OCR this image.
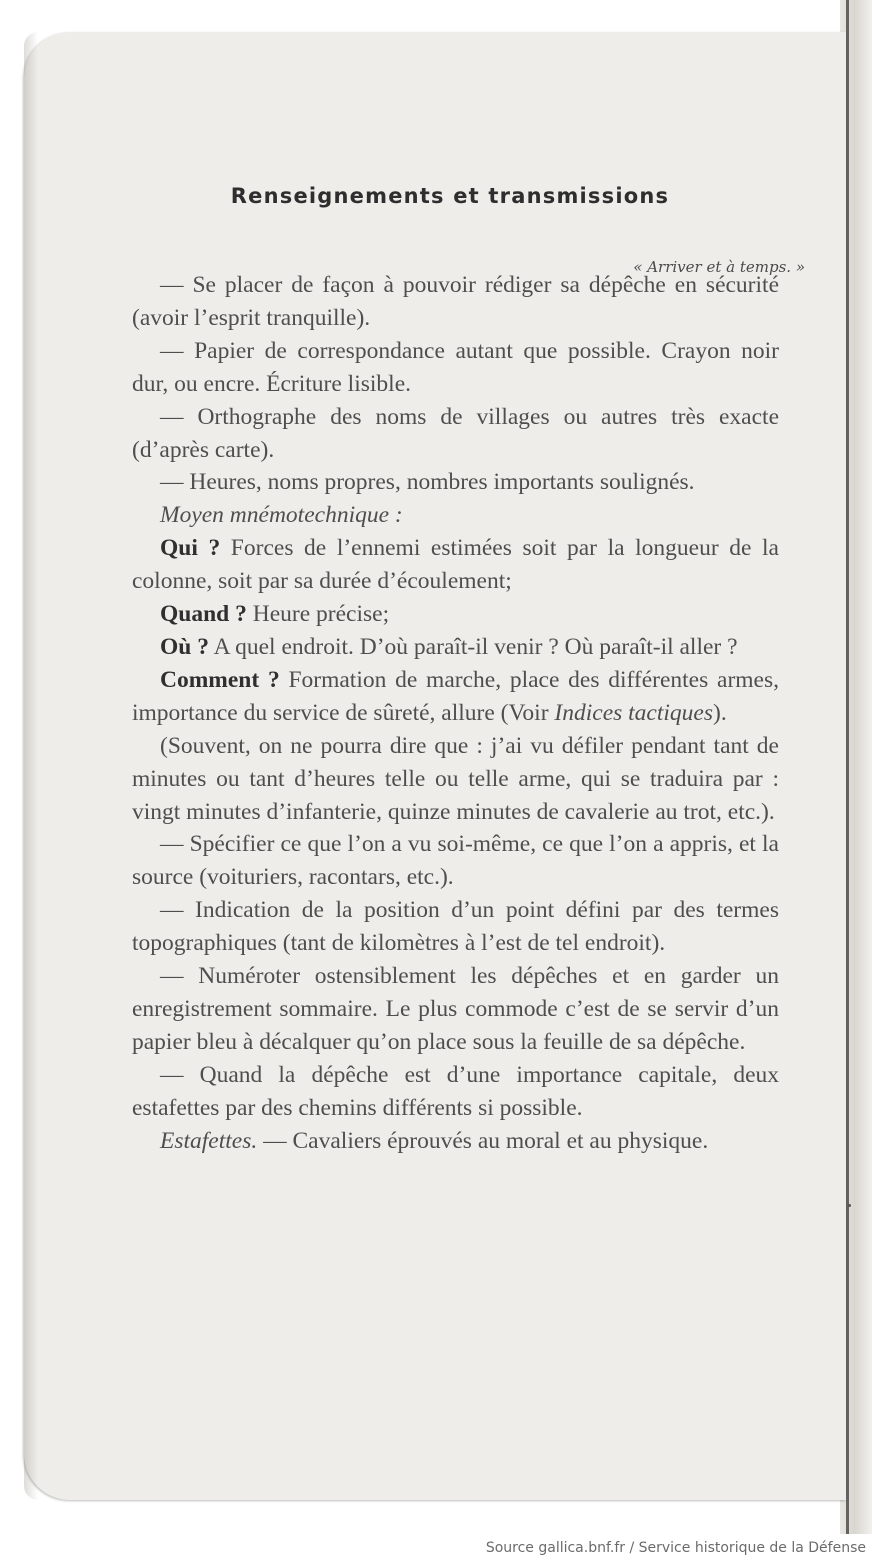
Renseignements et transmissions

« Arriver et à temps. »

— Se placer de façon à pouvoir rédiger sa dépêche en sécurité (avoir l’esprit tranquille).

— Papier de correspondance autant que possible. Crayon noir dur, ou encre. Écriture lisible.

— Orthographe des noms de villages ou autres très exacte (d’après carte).

— Heures, noms propres, nombres importants soulignés.

Moyen mnémotechnique :

Qui ? Forces de l’ennemi estimées soit par la longueur de la colonne, soit par sa durée d’écoulement;

Quand ? Heure précise;

Où ? A quel endroit. D’où paraît-il venir ? Où paraît-il aller ?

Comment ? Formation de marche, place des différentes armes, importance du service de sûreté, allure (Voir Indices tactiques).

(Souvent, on ne pourra dire que : j’ai vu défiler pendant tant de minutes ou tant d’heures telle ou telle arme, qui se traduira par : vingt minutes d’infanterie, quinze minutes de cavalerie au trot, etc.).

— Spécifier ce que l’on a vu soi-même, ce que l’on a appris, et la source (voituriers, racontars, etc.).

— Indication de la position d’un point défini par des termes topographiques (tant de kilomètres à l’est de tel endroit).

— Numéroter ostensiblement les dépêches et en garder un enregistrement sommaire. Le plus commode c’est de se servir d’un papier bleu à décalquer qu’on place sous la feuille de sa dépêche.

— Quand la dépêche est d’une importance capitale, deux estafettes par des chemins différents si possible.

Estafettes. — Cavaliers éprouvés au moral et au physique.

Source gallica.bnf.fr / Service historique de la Défense
